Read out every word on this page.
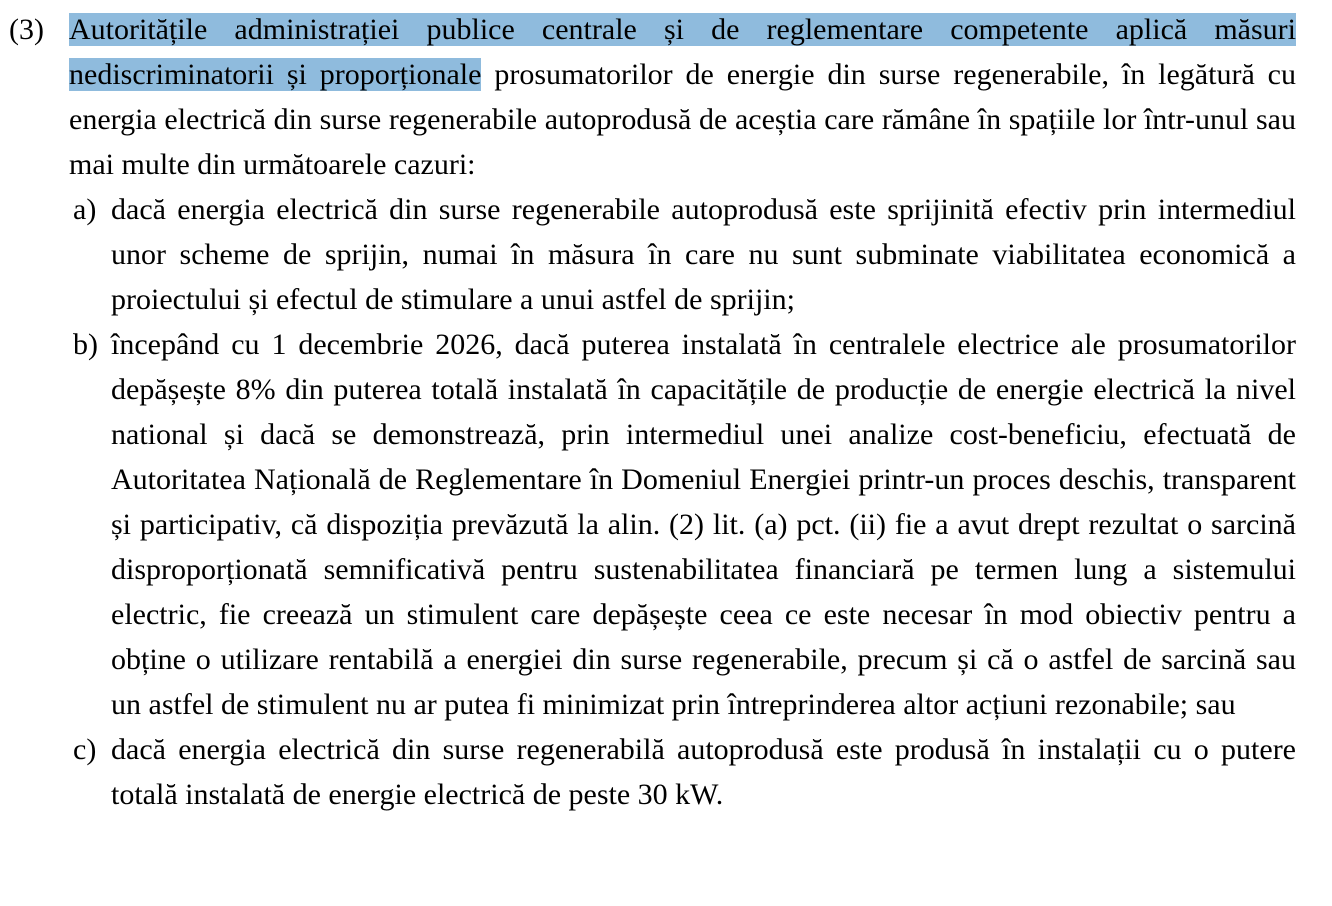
(3) Autoritățile administrației publice centrale și de reglementare competente aplică măsuri nediscriminatorii și proporționale prosumatorilor de energie din surse regenerabile, în legătură cu energia electrică din surse regenerabile autoprodusă de aceștia care rămâne în spațiile lor într-unul sau mai multe din următoarele cazuri:
a) dacă energia electrică din surse regenerabile autoprodusă este sprijinită efectiv prin intermediul unor scheme de sprijin, numai în măsura în care nu sunt subminate viabilitatea economică a proiectului și efectul de stimulare a unui astfel de sprijin;
b) începând cu 1 decembrie 2026, dacă puterea instalată în centralele electrice ale prosumatorilor depășește 8% din puterea totală instalată în capacitățile de producție de energie electrică la nivel national și dacă se demonstrează, prin intermediul unei analize cost-beneficiu, efectuată de Autoritatea Națională de Reglementare în Domeniul Energiei printr-un proces deschis, transparent și participativ, că dispoziția prevăzută la alin. (2) lit. (a) pct. (ii) fie a avut drept rezultat o sarcină disproporționată semnificativă pentru sustenabilitatea financiară pe termen lung a sistemului electric, fie creează un stimulent care depășește ceea ce este necesar în mod obiectiv pentru a obține o utilizare rentabilă a energiei din surse regenerabile, precum și că o astfel de sarcină sau un astfel de stimulent nu ar putea fi minimizat prin întreprinderea altor acțiuni rezonabile; sau
c) dacă energia electrică din surse regenerabilă autoprodusă este produsă în instalații cu o putere totală instalată de energie electrică de peste 30 kW.
